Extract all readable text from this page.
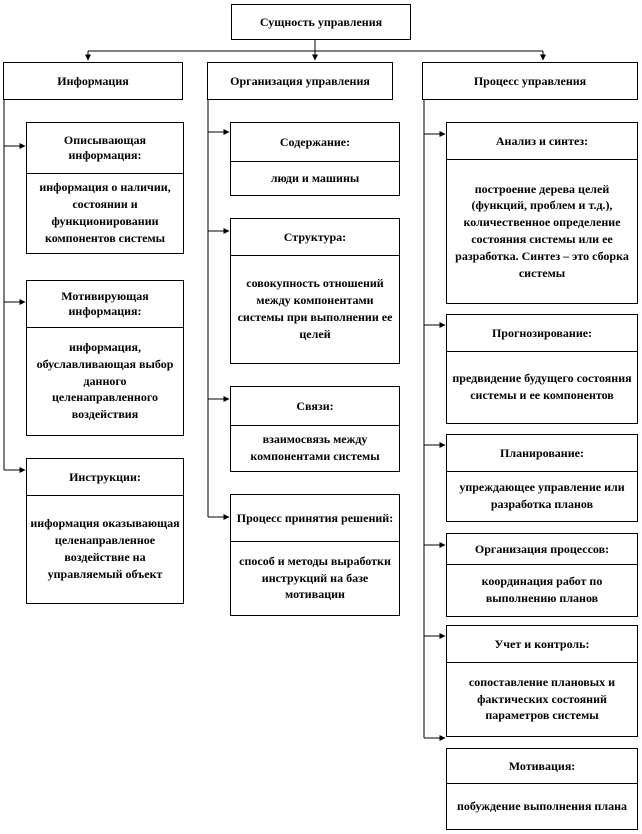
Сущность управления
Информация	Организация управления	Процесс управления
Описывающая информация:
информация о наличии, состоянии и функционировании компонентов системы
Мотивирующая информация:
информация, обуславливающая выбор данного целенаправленного воздействия
Инструкции:
информация оказывающая целенаправленное воздействие на управляемый объект
Содержание:
люди и машины
Структура:
совокупность отношений между компонентами системы при выполнении ее целей
Связи:
взаимосвязь между компонентами системы
Процесс принятия решений:
способ и методы выработки инструкций на базе мотивации
Анализ и синтез:
построение дерева целей (функций, проблем и т.д.), количественное определение состояния системы или ее разработка. Синтез – это сборка системы
Прогнозирование:
предвидение будущего состояния системы и ее компонентов
Планирование:
упреждающее управление или разработка планов
Организация процессов:
координация работ по выполнению планов
Учет и контроль:
сопоставление плановых и фактических состояний параметров системы
Мотивация:
побуждение выполнения плана
